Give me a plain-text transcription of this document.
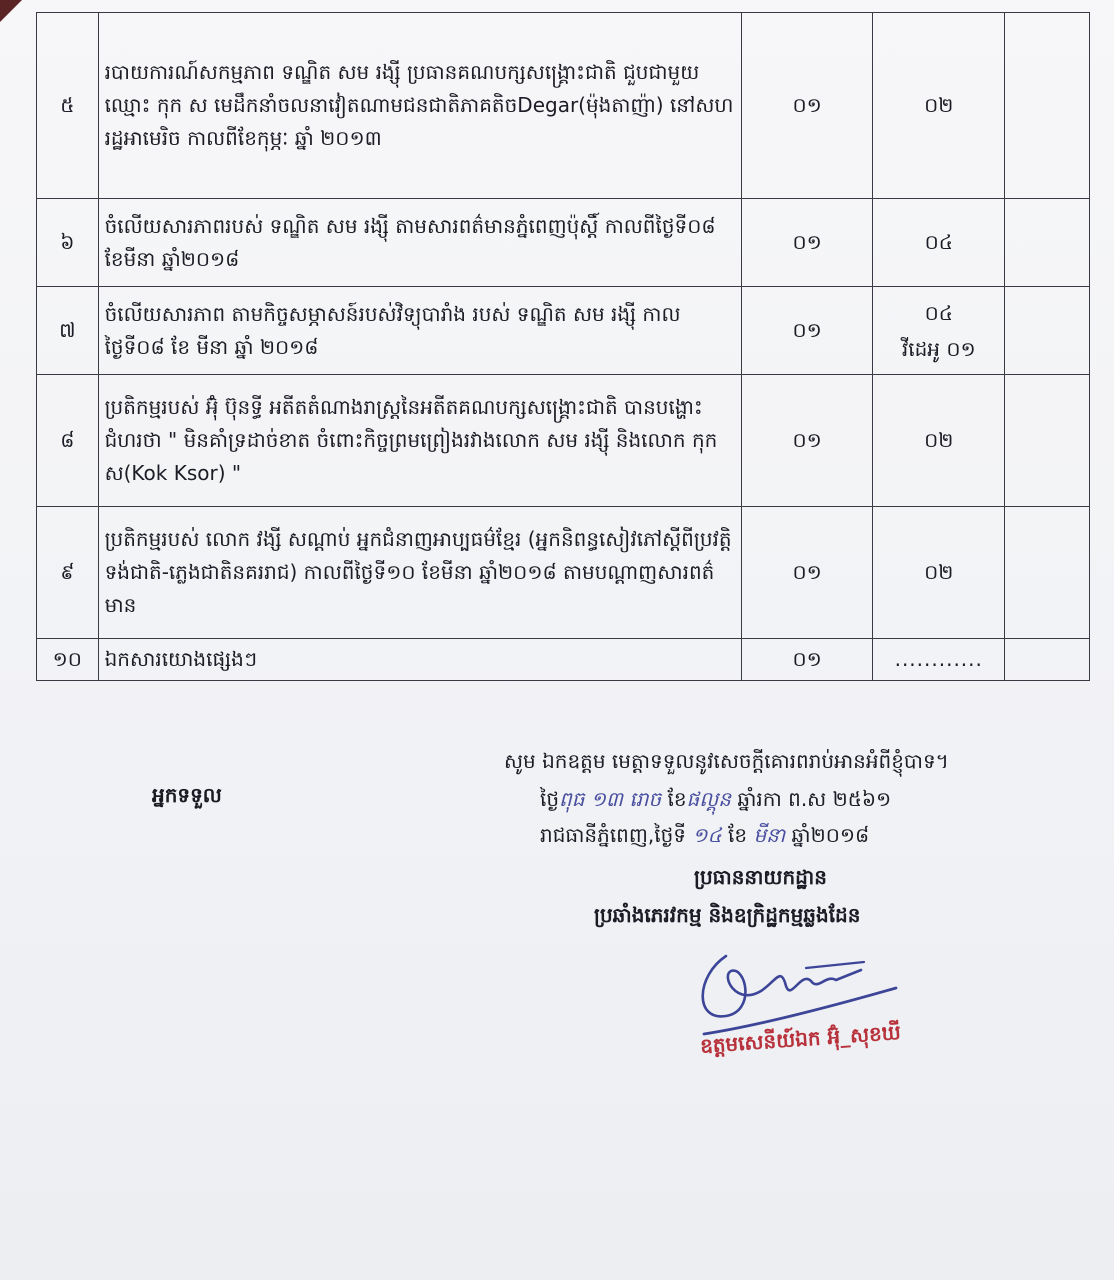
៥	របាយការណ៍សកម្មភាព ទណ្ឌិត សម រង្ស៊ី ប្រធានគណបក្សសង្គ្រោះជាតិ ជួបជាមួយ ឈ្មោះ កុក ស មេដឹកនាំចលនាវៀតណាមជនជាតិភាគតិចDegar(ម៉ុងតាញ៉ា) នៅសហរដ្ឋអាមេរិច កាលពីខែកុម្ភៈ ឆ្នាំ ២០១៣	០១	០២	
៦	ចំលើយសារភាពរបស់ ទណ្ឌិត សម រង្ស៊ី តាមសារពត៌មានភ្នំពេញប៉ុស្តិ៍ កាលពីថ្ងៃទី០៨ ខែមីនា ឆ្នាំ២០១៨	០១	០៤	
៧	ចំលើយសារភាព តាមកិច្ចសម្ភាសន៍របស់វិទ្យុបារាំង របស់ ទណ្ឌិត សម រង្ស៊ី កាលថ្ងៃទី០៨ ខែ មីនា ឆ្នាំ ២០១៨	០១	០៤
វីដេអូ ០១	

៨	ប្រតិកម្មរបស់ អ៊ុំ ប៊ុនទ្ធី អតីតតំណាងរាស្ត្រនៃអតីតគណបក្សសង្គ្រោះជាតិ បានបង្ហោះជំហរថា " មិនគាំទ្រដាច់ខាត ចំពោះកិច្ចព្រមព្រៀងរវាងលោក សម រង្ស៊ី និងលោក កុក ស(Kok Ksor) "	០១	០២	
៩	ប្រតិកម្មរបស់ លោក វង្សី សណ្ដាប់ អ្នកជំនាញអាប្បធម៌ខ្មែរ (អ្នកនិពន្ធសៀវភៅស្តីពីប្រវត្តិទង់ជាតិ-ភ្លេងជាតិនគររាជ) កាលពីថ្ងៃទី១០ ខែមីនា ឆ្នាំ២០១៨ តាមបណ្តាញសារពត៌មាន	០១	០២	
១០	ឯកសារយោងផ្សេងៗ	០១	............	
អ្នកទទួល
សូម ឯកឧត្តម មេត្តាទទួលនូវសេចក្តីគោរពរាប់អានអំពីខ្ញុំបាទ។
ថ្ងៃពុធ ១៣ រោច ខែផល្គុន ឆ្នាំរកា ព.ស ២៥៦១
រាជធានីភ្នំពេញ,ថ្ងៃទី ១៤ ខែ មីនា ឆ្នាំ២០១៨
ប្រធាននាយកដ្ឋាន
ប្រឆាំងភេរវកម្ម និងឧក្រិដ្ឋកម្មឆ្លងដែន
ឧត្តមសេនីយ៍ឯក អ៊ុំ_សុខឃី
